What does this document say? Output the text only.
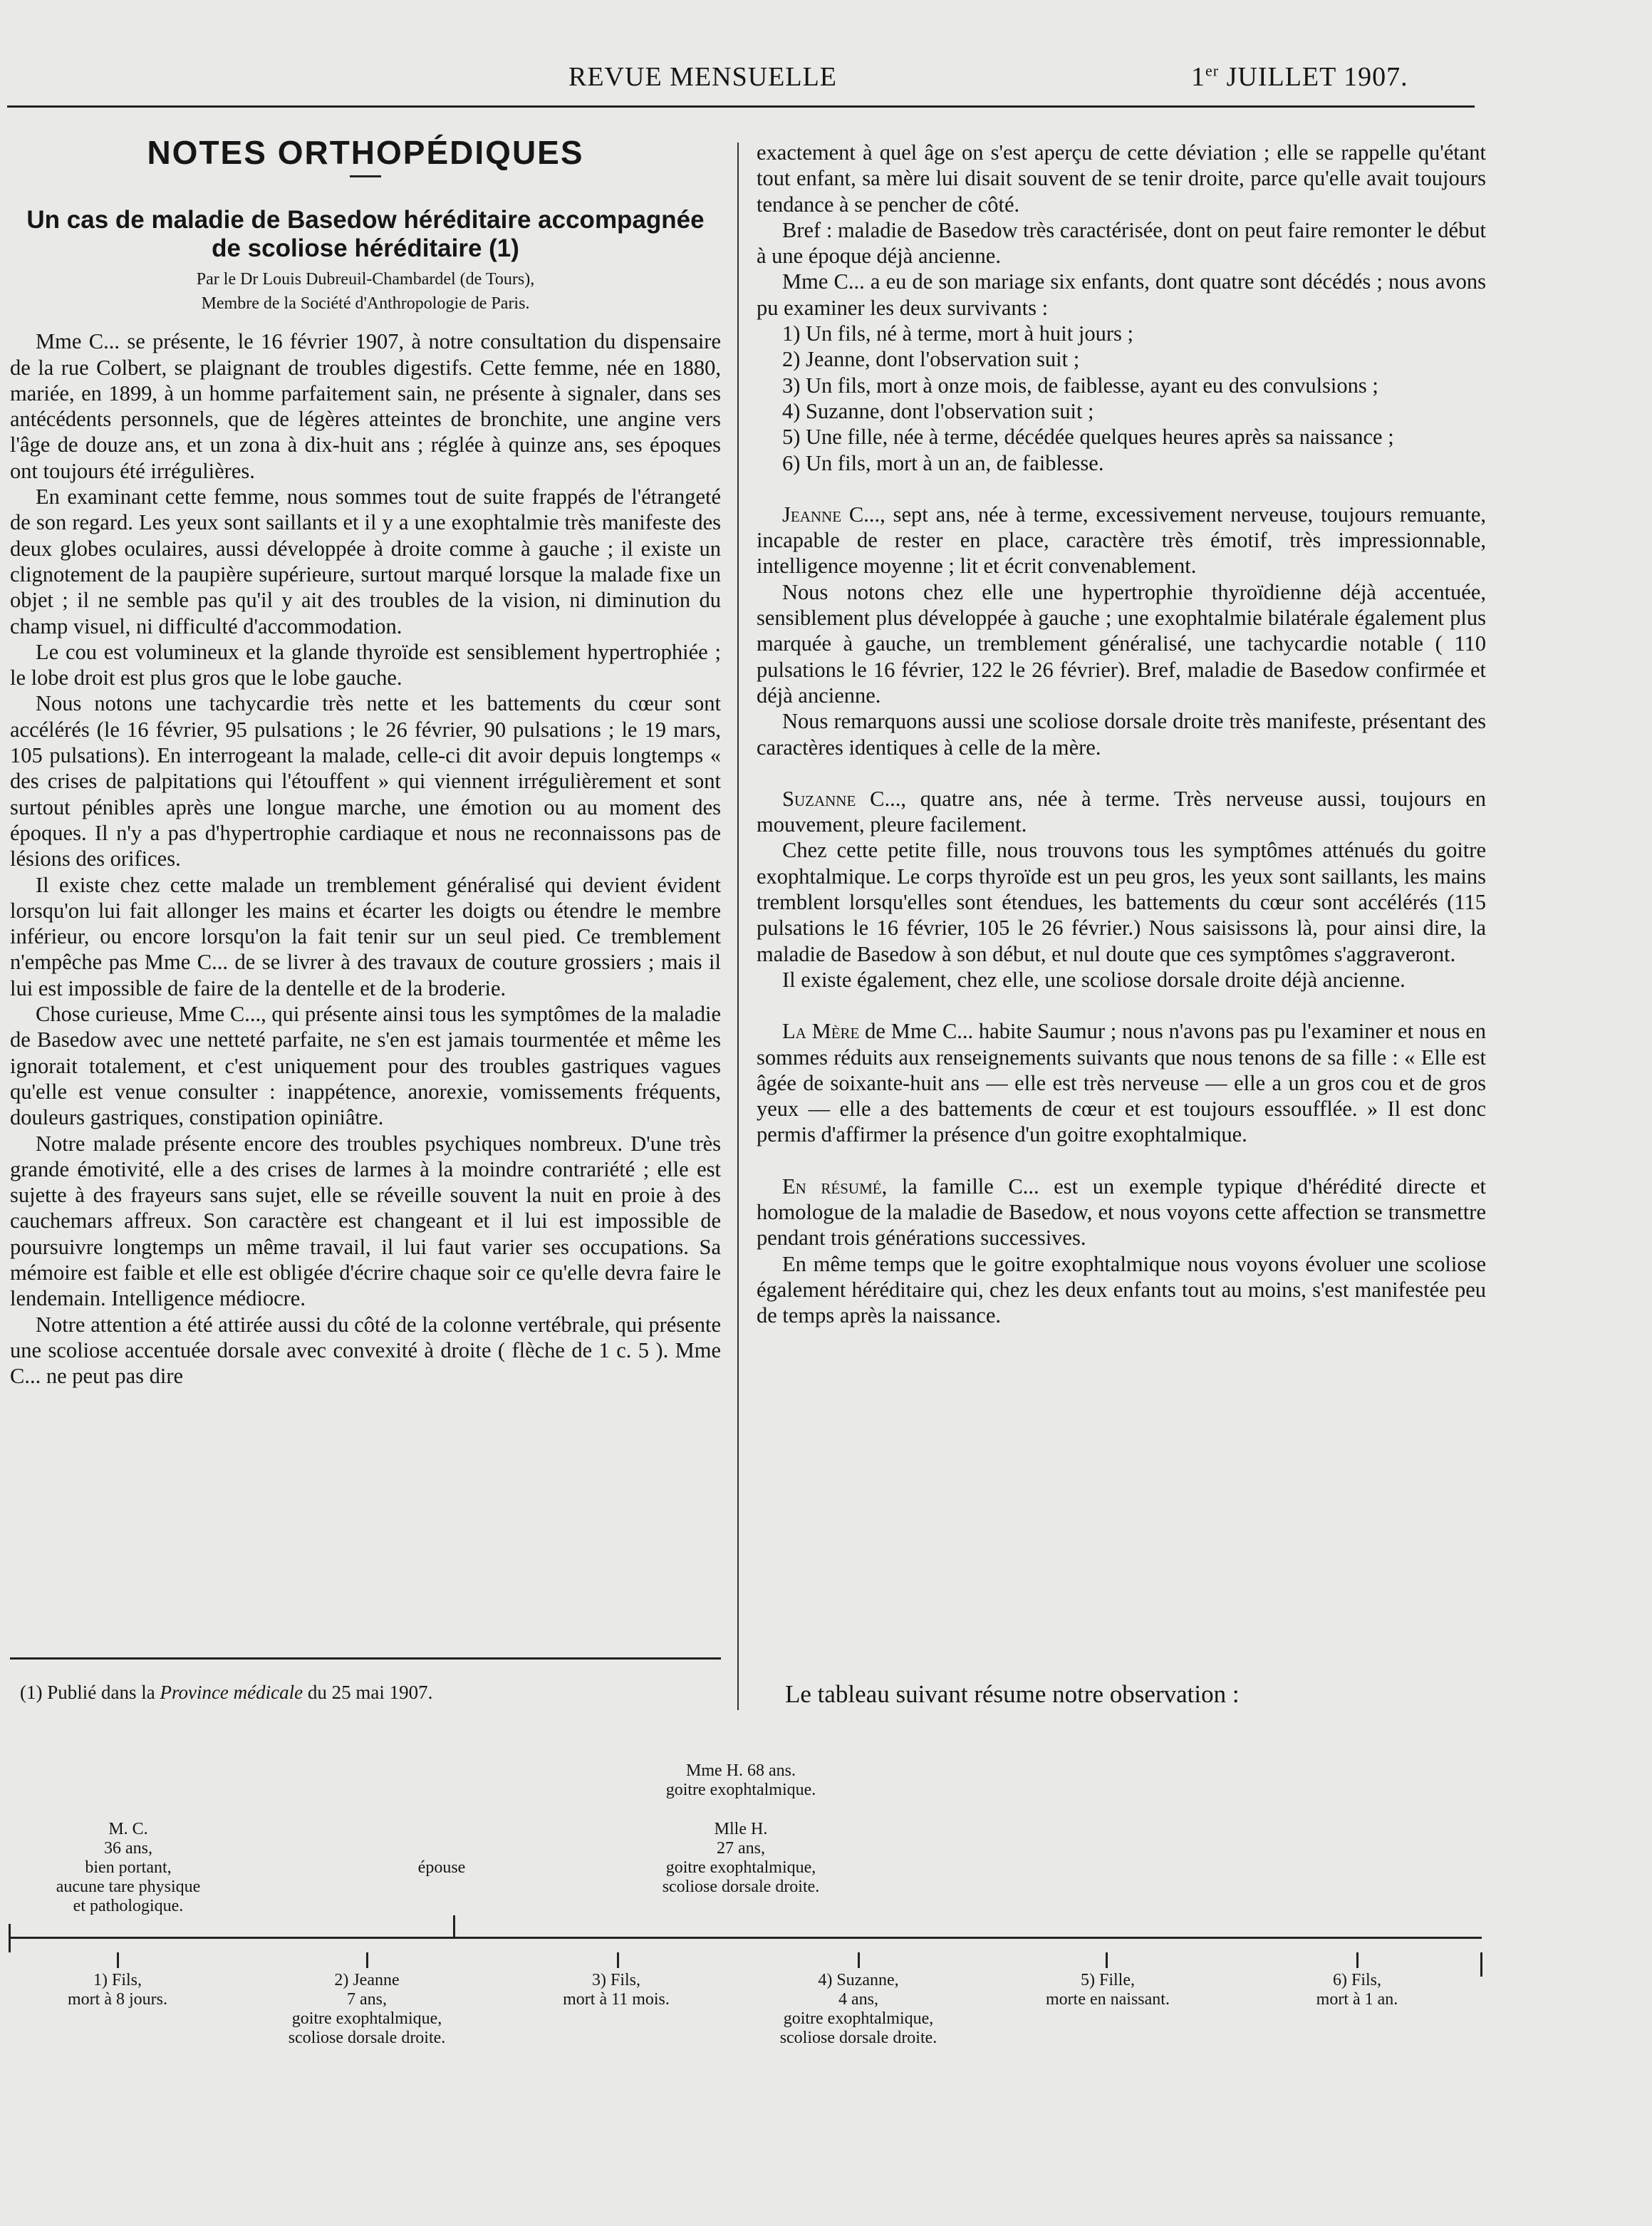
REVUE MENSUELLE	1er JUILLET 1907.
NOTES ORTHOPÉDIQUES
Un cas de maladie de Basedow héréditaire accompagnée de scoliose héréditaire (1)
Par le Dr Louis Dubreuil-Chambardel (de Tours),
Membre de la Société d'Anthropologie de Paris.

Mme C... se présente, le 16 février 1907, à notre consultation du dispensaire de la rue Colbert, se plaignant de troubles digestifs. Cette femme, née en 1880, mariée, en 1899, à un homme parfaitement sain, ne présente à signaler, dans ses antécédents personnels, que de légères atteintes de bronchite, une angine vers l'âge de douze ans, et un zona à dix-huit ans ; réglée à quinze ans, ses époques ont toujours été irrégulières.

En examinant cette femme, nous sommes tout de suite frappés de l'étrangeté de son regard. Les yeux sont saillants et il y a une exophtalmie très manifeste des deux globes oculaires, aussi développée à droite comme à gauche ; il existe un clignotement de la paupière supérieure, surtout marqué lorsque la malade fixe un objet ; il ne semble pas qu'il y ait des troubles de la vision, ni diminution du champ visuel, ni difficulté d'accommodation.

Le cou est volumineux et la glande thyroïde est sensiblement hypertrophiée ; le lobe droit est plus gros que le lobe gauche.

Nous notons une tachycardie très nette et les battements du cœur sont accélérés (le 16 février, 95 pulsations ; le 26 février, 90 pulsations ; le 19 mars, 105 pulsations). En interrogeant la malade, celle-ci dit avoir depuis longtemps « des crises de palpitations qui l'étouffent » qui viennent irrégulièrement et sont surtout pénibles après une longue marche, une émotion ou au moment des époques. Il n'y a pas d'hypertrophie cardiaque et nous ne reconnaissons pas de lésions des orifices.

Il existe chez cette malade un tremblement généralisé qui devient évident lorsqu'on lui fait allonger les mains et écarter les doigts ou étendre le membre inférieur, ou encore lorsqu'on la fait tenir sur un seul pied. Ce tremblement n'empêche pas Mme C... de se livrer à des travaux de couture grossiers ; mais il lui est impossible de faire de la dentelle et de la broderie.

Chose curieuse, Mme C..., qui présente ainsi tous les symptômes de la maladie de Basedow avec une netteté parfaite, ne s'en est jamais tourmentée et même les ignorait totalement, et c'est uniquement pour des troubles gastriques vagues qu'elle est venue consulter : inappétence, anorexie, vomissements fréquents, douleurs gastriques, constipation opiniâtre.

Notre malade présente encore des troubles psychiques nombreux. D'une très grande émotivité, elle a des crises de larmes à la moindre contrariété ; elle est sujette à des frayeurs sans sujet, elle se réveille souvent la nuit en proie à des cauchemars affreux. Son caractère est changeant et il lui est impossible de poursuivre longtemps un même travail, il lui faut varier ses occupations. Sa mémoire est faible et elle est obligée d'écrire chaque soir ce qu'elle devra faire le lendemain. Intelligence médiocre.

Notre attention a été attirée aussi du côté de la colonne vertébrale, qui présente une scoliose accentuée dorsale avec convexité à droite ( flèche de 1 c. 5 ). Mme C... ne peut pas dire

exactement à quel âge on s'est aperçu de cette déviation ; elle se rappelle qu'étant tout enfant, sa mère lui disait souvent de se tenir droite, parce qu'elle avait toujours tendance à se pencher de côté.

Bref : maladie de Basedow très caractérisée, dont on peut faire remonter le début à une époque déjà ancienne.

Mme C... a eu de son mariage six enfants, dont quatre sont décédés ; nous avons pu examiner les deux survivants :

1) Un fils, né à terme, mort à huit jours ;

2) Jeanne, dont l'observation suit ;

3) Un fils, mort à onze mois, de faiblesse, ayant eu des convulsions ;

4) Suzanne, dont l'observation suit ;

5) Une fille, née à terme, décédée quelques heures après sa naissance ;

6) Un fils, mort à un an, de faiblesse.

Jeanne C..., sept ans, née à terme, excessivement nerveuse, toujours remuante, incapable de rester en place, caractère très émotif, très impressionnable, intelligence moyenne ; lit et écrit convenablement.

Nous notons chez elle une hypertrophie thyroïdienne déjà accentuée, sensiblement plus développée à gauche ; une exophtalmie bilatérale également plus marquée à gauche, un tremblement généralisé, une tachycardie notable ( 110 pulsations le 16 février, 122 le 26 février). Bref, maladie de Basedow confirmée et déjà ancienne.

Nous remarquons aussi une scoliose dorsale droite très manifeste, présentant des caractères identiques à celle de la mère.

Suzanne C..., quatre ans, née à terme. Très nerveuse aussi, toujours en mouvement, pleure facilement.

Chez cette petite fille, nous trouvons tous les symptômes atténués du goitre exophtalmique. Le corps thyroïde est un peu gros, les yeux sont saillants, les mains tremblent lorsqu'elles sont étendues, les battements du cœur sont accélérés (115 pulsations le 16 février, 105 le 26 février.) Nous saisissons là, pour ainsi dire, la maladie de Basedow à son début, et nul doute que ces symptômes s'aggraveront.

Il existe également, chez elle, une scoliose dorsale droite déjà ancienne.

La Mère de Mme C... habite Saumur ; nous n'avons pas pu l'examiner et nous en sommes réduits aux renseignements suivants que nous tenons de sa fille : « Elle est âgée de soixante-huit ans — elle est très nerveuse — elle a un gros cou et de gros yeux — elle a des battements de cœur et est toujours essoufflée. » Il est donc permis d'affirmer la présence d'un goitre exophtalmique.

En résumé, la famille C... est un exemple typique d'hérédité directe et homologue de la maladie de Basedow, et nous voyons cette affection se transmettre pendant trois générations successives.

En même temps que le goitre exophtalmique nous voyons évoluer une scoliose également héréditaire qui, chez les deux enfants tout au moins, s'est manifestée peu de temps après la naissance.

(1) Publié dans la Province médicale du 25 mai 1907.	Le tableau suivant résume notre observation :
Mme H. 68 ans.
goitre exophtalmique.
M. C.
36 ans,
bien portant,
aucune tare physique
et pathologique.
épouse
Mlle H.
27 ans,
goitre exophtalmique,
scoliose dorsale droite.
1) Fils,
mort à 8 jours.
2) Jeanne
7 ans,
goitre exophtalmique,
scoliose dorsale droite.
3) Fils,
mort à 11 mois.
4) Suzanne,
4 ans,
goitre exophtalmique,
scoliose dorsale droite.
5) Fille,
morte en naissant.
6) Fils,
mort à 1 an.
